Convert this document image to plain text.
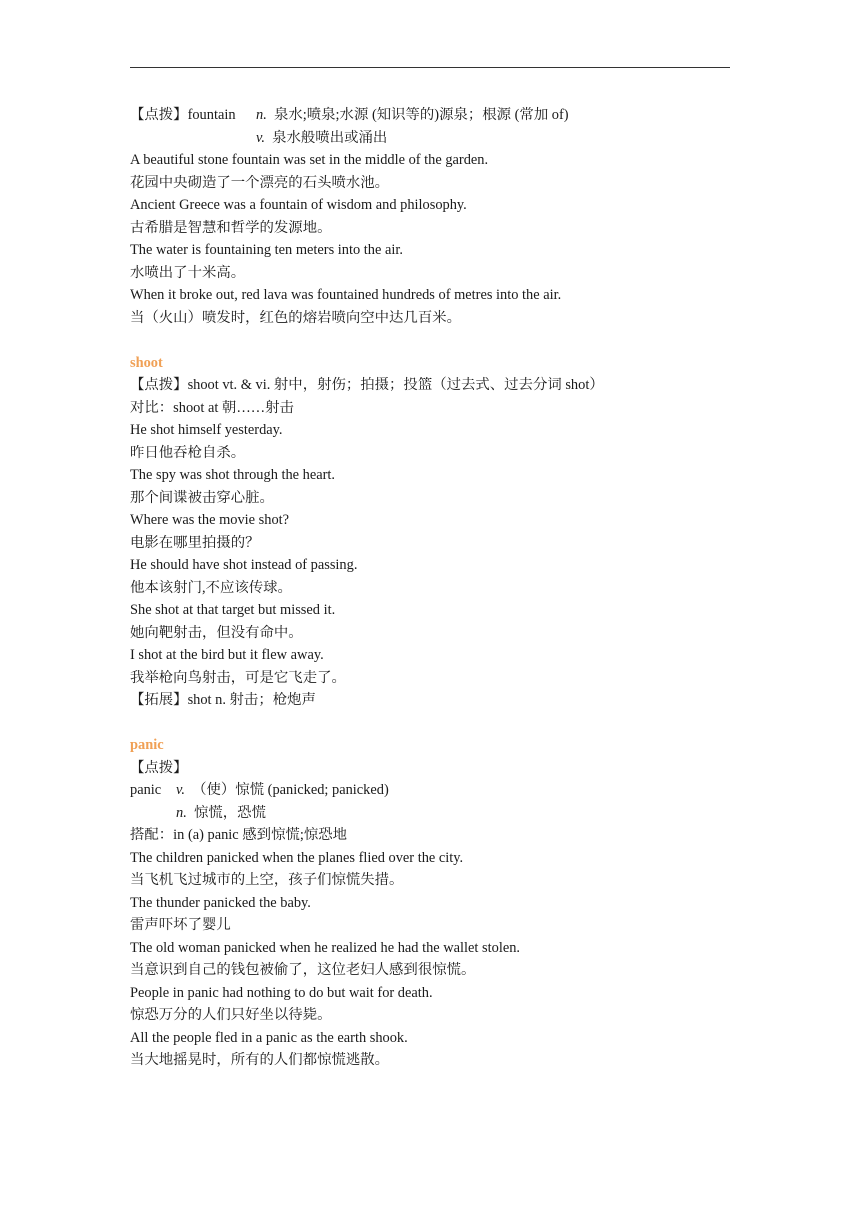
【点拨】fountain n. 泉水;喷泉;水源 (知识等的)源泉；根源 (常加 of)
v. 泉水般喷出或涌出
A beautiful stone fountain was set in the middle of the garden.
花园中央砌造了一个漂亮的石头喷水池。
Ancient Greece was a fountain of wisdom and philosophy.
古希腊是智慧和哲学的发源地。
The water is fountaining ten meters into the air.
水喷出了十米高。
When it broke out, red lava was fountained hundreds of metres into the air.
当（火山）喷发时，红色的熔岩喷向空中达几百米。
shoot
【点拨】shoot vt. & vi. 射中，射伤；拍摄；投篮（过去式、过去分词 shot）
对比：shoot at 朝……射击
He shot himself yesterday.
昨日他吞枪自杀。
The spy was shot through the heart.
那个间谍被击穿心脏。
Where was the movie shot?
电影在哪里拍摄的？
He should have shot instead of passing.
他本该射门,不应该传球。
She shot at that target but missed it.
她向靶射击，但没有命中。
I shot at the bird but it flew away.
我举枪向鸟射击，可是它飞走了。
【拓展】shot n. 射击；枪炮声
panic
【点拨】
panic v. （使）惊慌 (panicked; panicked)
n. 惊慌，恐慌
搭配：in (a) panic 感到惊慌;惊恐地
The children panicked when the planes flied over the city.
当飞机飞过城市的上空，孩子们惊慌失措。
The thunder panicked the baby.
雷声吓坏了婴儿
The old woman panicked when he realized he had the wallet stolen.
当意识到自己的钱包被偷了，这位老妇人感到很惊慌。
People in panic had nothing to do but wait for death.
惊恐万分的人们只好坐以待毙。
All the people fled in a panic as the earth shook.
当大地摇晃时，所有的人们都惊慌逃散。
